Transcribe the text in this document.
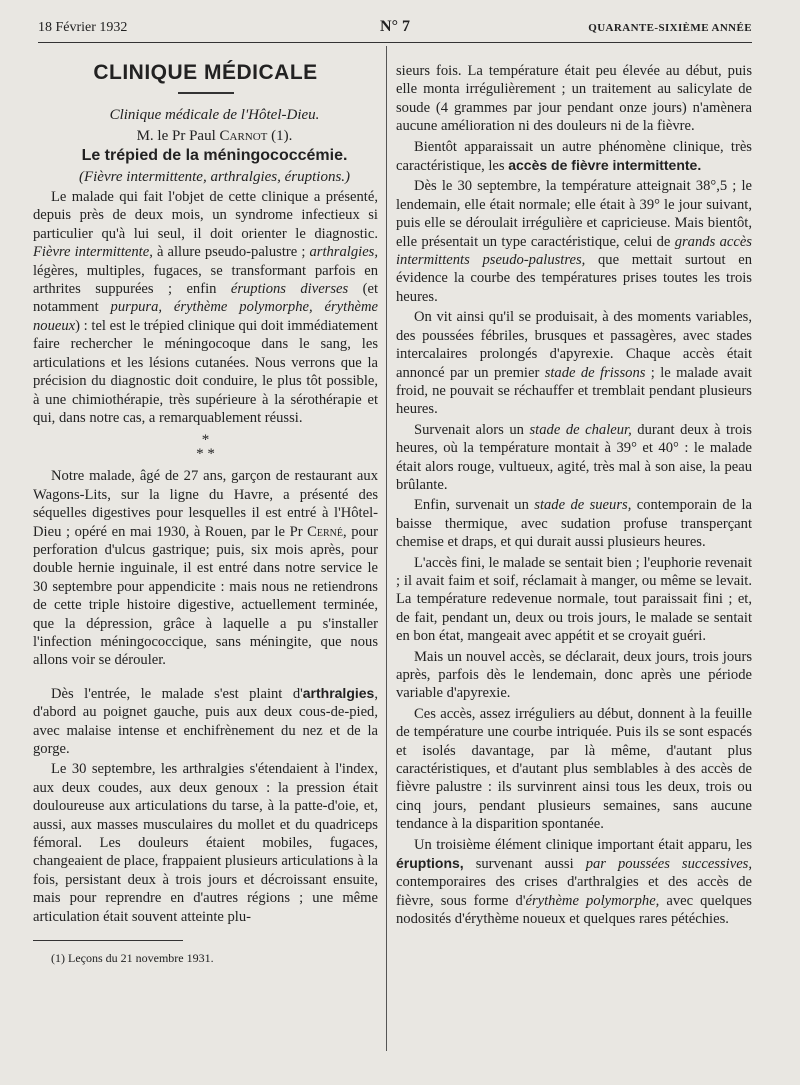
18 Février 1932	N° 7	QUARANTE-SIXIÈME ANNÉE
CLINIQUE MÉDICALE

Clinique médicale de l'Hôtel-Dieu.

M. le Pr Paul Carnot (1).

Le trépied de la méningococcémie.

(Fièvre intermittente, arthralgies, éruptions.)

Le malade qui fait l'objet de cette clinique a présenté, depuis près de deux mois, un syndrome infectieux si particulier qu'à lui seul, il doit orienter le diagnostic. Fièvre intermittente, à allure pseudo-palustre ; arthralgies, légères, multiples, fugaces, se transformant parfois en arthrites suppurées ; enfin éruptions diverses (et notamment purpura, érythème polymorphe, érythème noueux) : tel est le trépied clinique qui doit immédiatement faire rechercher le méningocoque dans le sang, les articulations et les lésions cutanées. Nous verrons que la précision du diagnostic doit conduire, le plus tôt possible, à une chimiothérapie, très supérieure à la sérothérapie et qui, dans notre cas, a remarquablement réussi.

*
* *

Notre malade, âgé de 27 ans, garçon de restaurant aux Wagons-Lits, sur la ligne du Havre, a présenté des séquelles digestives pour lesquelles il est entré à l'Hôtel-Dieu ; opéré en mai 1930, à Rouen, par le Pr Cerné, pour perforation d'ulcus gastrique; puis, six mois après, pour double hernie inguinale, il est entré dans notre service le 30 septembre pour appendicite : mais nous ne retiendrons de cette triple histoire digestive, actuellement terminée, que la dépression, grâce à laquelle a pu s'installer l'infection méningococcique, sans méningite, que nous allons voir se dérouler.

Dès l'entrée, le malade s'est plaint d'arthralgies, d'abord au poignet gauche, puis aux deux cous-de-pied, avec malaise intense et enchifrènement du nez et de la gorge.

Le 30 septembre, les arthralgies s'étendaient à l'index, aux deux coudes, aux deux genoux : la pression était douloureuse aux articulations du tarse, à la patte-d'oie, et, aussi, aux masses musculaires du mollet et du quadriceps fémoral. Les douleurs étaient mobiles, fugaces, changeaient de place, frappaient plusieurs articulations à la fois, persistant deux à trois jours et décroissant ensuite, mais pour reprendre en d'autres régions ; une même articulation était souvent atteinte plu-

(1) Leçons du 21 novembre 1931.

sieurs fois. La température était peu élevée au début, puis elle monta irrégulièrement ; un traitement au salicylate de soude (4 grammes par jour pendant onze jours) n'amènera aucune amélioration ni des douleurs ni de la fièvre.

Bientôt apparaissait un autre phénomène clinique, très caractéristique, les accès de fièvre intermittente.

Dès le 30 septembre, la température atteignait 38°,5 ; le lendemain, elle était normale; elle était à 39° le jour suivant, puis elle se déroulait irrégulière et capricieuse. Mais bientôt, elle présentait un type caractéristique, celui de grands accès intermittents pseudo-palustres, que mettait surtout en évidence la courbe des températures prises toutes les trois heures.

On vit ainsi qu'il se produisait, à des moments variables, des poussées fébriles, brusques et passagères, avec stades intercalaires prolongés d'apyrexie. Chaque accès était annoncé par un premier stade de frissons ; le malade avait froid, ne pouvait se réchauffer et tremblait pendant plusieurs heures.

Survenait alors un stade de chaleur, durant deux à trois heures, où la température montait à 39° et 40° : le malade était alors rouge, vultueux, agité, très mal à son aise, la peau brûlante.

Enfin, survenait un stade de sueurs, contemporain de la baisse thermique, avec sudation profuse transperçant chemise et draps, et qui durait aussi plusieurs heures.

L'accès fini, le malade se sentait bien ; l'euphorie revenait ; il avait faim et soif, réclamait à manger, ou même se levait. La température redevenue normale, tout paraissait fini ; et, de fait, pendant un, deux ou trois jours, le malade se sentait en bon état, mangeait avec appétit et se croyait guéri.

Mais un nouvel accès, se déclarait, deux jours, trois jours après, parfois dès le lendemain, donc après une période variable d'apyrexie.

Ces accès, assez irréguliers au début, donnent à la feuille de température une courbe intriquée. Puis ils se sont espacés et isolés davantage, par là même, d'autant plus caractéristiques, et d'autant plus semblables à des accès de fièvre palustre : ils survinrent ainsi tous les deux, trois ou cinq jours, pendant plusieurs semaines, sans aucune tendance à la disparition spontanée.

Un troisième élément clinique important était apparu, les éruptions, survenant aussi par poussées successives, contemporaires des crises d'arthralgies et des accès de fièvre, sous forme d'érythème polymorphe, avec quelques nodosités d'érythème noueux et quelques rares pétéchies.
